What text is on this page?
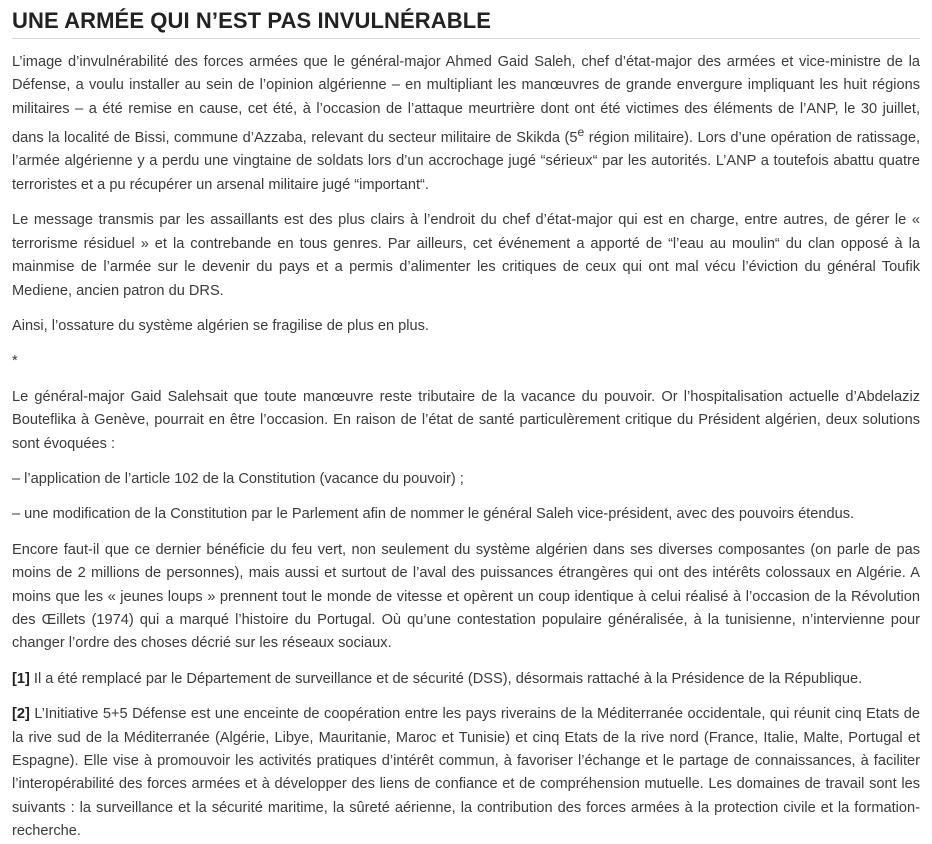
UNE ARMÉE QUI N’EST PAS INVULNÉRABLE

L’image d’invulnérabilité des forces armées que le général-major Ahmed Gaid Saleh, chef d’état-major des armées et vice-ministre de la Défense, a voulu installer au sein de l’opinion algérienne – en multipliant les manœuvres de grande envergure impliquant les huit régions militaires – a été remise en cause, cet été, à l’occasion de l’attaque meurtrière dont ont été victimes des éléments de l’ANP, le 30 juillet, dans la localité de Bissi, commune d’Azzaba, relevant du secteur militaire de Skikda (5e région militaire). Lors d’une opération de ratissage, l’armée algérienne y a perdu une vingtaine de soldats lors d’un accrochage jugé “sérieux“ par les autorités. L’ANP a toutefois abattu quatre terroristes et a pu récupérer un arsenal militaire jugé “important“.

Le message transmis par les assaillants est des plus clairs à l’endroit du chef d’état-major qui est en charge, entre autres, de gérer le « terrorisme résiduel » et la contrebande en tous genres. Par ailleurs, cet événement a apporté de “l’eau au moulin“ du clan opposé à la mainmise de l’armée sur le devenir du pays et a permis d’alimenter les critiques de ceux qui ont mal vécu l’éviction du général Toufik Mediene, ancien patron du DRS.

Ainsi, l’ossature du système algérien se fragilise de plus en plus.

*

Le général-major Gaid Salehsait que toute manœuvre reste tributaire de la vacance du pouvoir. Or l’hospitalisation actuelle d’Abdelaziz Bouteflika à Genève, pourrait en être l’occasion. En raison de l’état de santé particulèrement critique du Président algérien, deux solutions sont évoquées :

– l’application de l’article 102 de la Constitution (vacance du pouvoir) ;

– une modification de la Constitution par le Parlement afin de nommer le général Saleh vice-président, avec des pouvoirs étendus.

Encore faut-il que ce dernier bénéficie du feu vert, non seulement du système algérien dans ses diverses composantes (on parle de pas moins de 2 millions de personnes), mais aussi et surtout de l’aval des puissances étrangères qui ont des intérêts colossaux en Algérie. A moins que les « jeunes loups » prennent tout le monde de vitesse et opèrent un coup identique à celui réalisé à l’occasion de la Révolution des Œillets (1974) qui a marqué l’histoire du Portugal. Où qu’une contestation populaire généralisée, à la tunisienne, n’intervienne pour changer l’ordre des choses décrié sur les réseaux sociaux.

[1] Il a été remplacé par le Département de surveillance et de sécurité (DSS), désormais rattaché à la Présidence de la République.

[2] L’Initiative 5+5 Défense est une enceinte de coopération entre les pays riverains de la Méditerranée occidentale, qui réunit cinq Etats de la rive sud de la Méditerranée (Algérie, Libye, Mauritanie, Maroc et Tunisie) et cinq Etats de la rive nord (France, Italie, Malte, Portugal et Espagne). Elle vise à promouvoir les activités pratiques d’intérêt commun, à favoriser l’échange et le partage de connaissances, à faciliter l’interopérabilité des forces armées et à développer des liens de confiance et de compréhension mutuelle. Les domaines de travail sont les suivants : la surveillance et la sécurité maritime, la sûreté aérienne, la contribution des forces armées à la protection civile et la formation-recherche.
